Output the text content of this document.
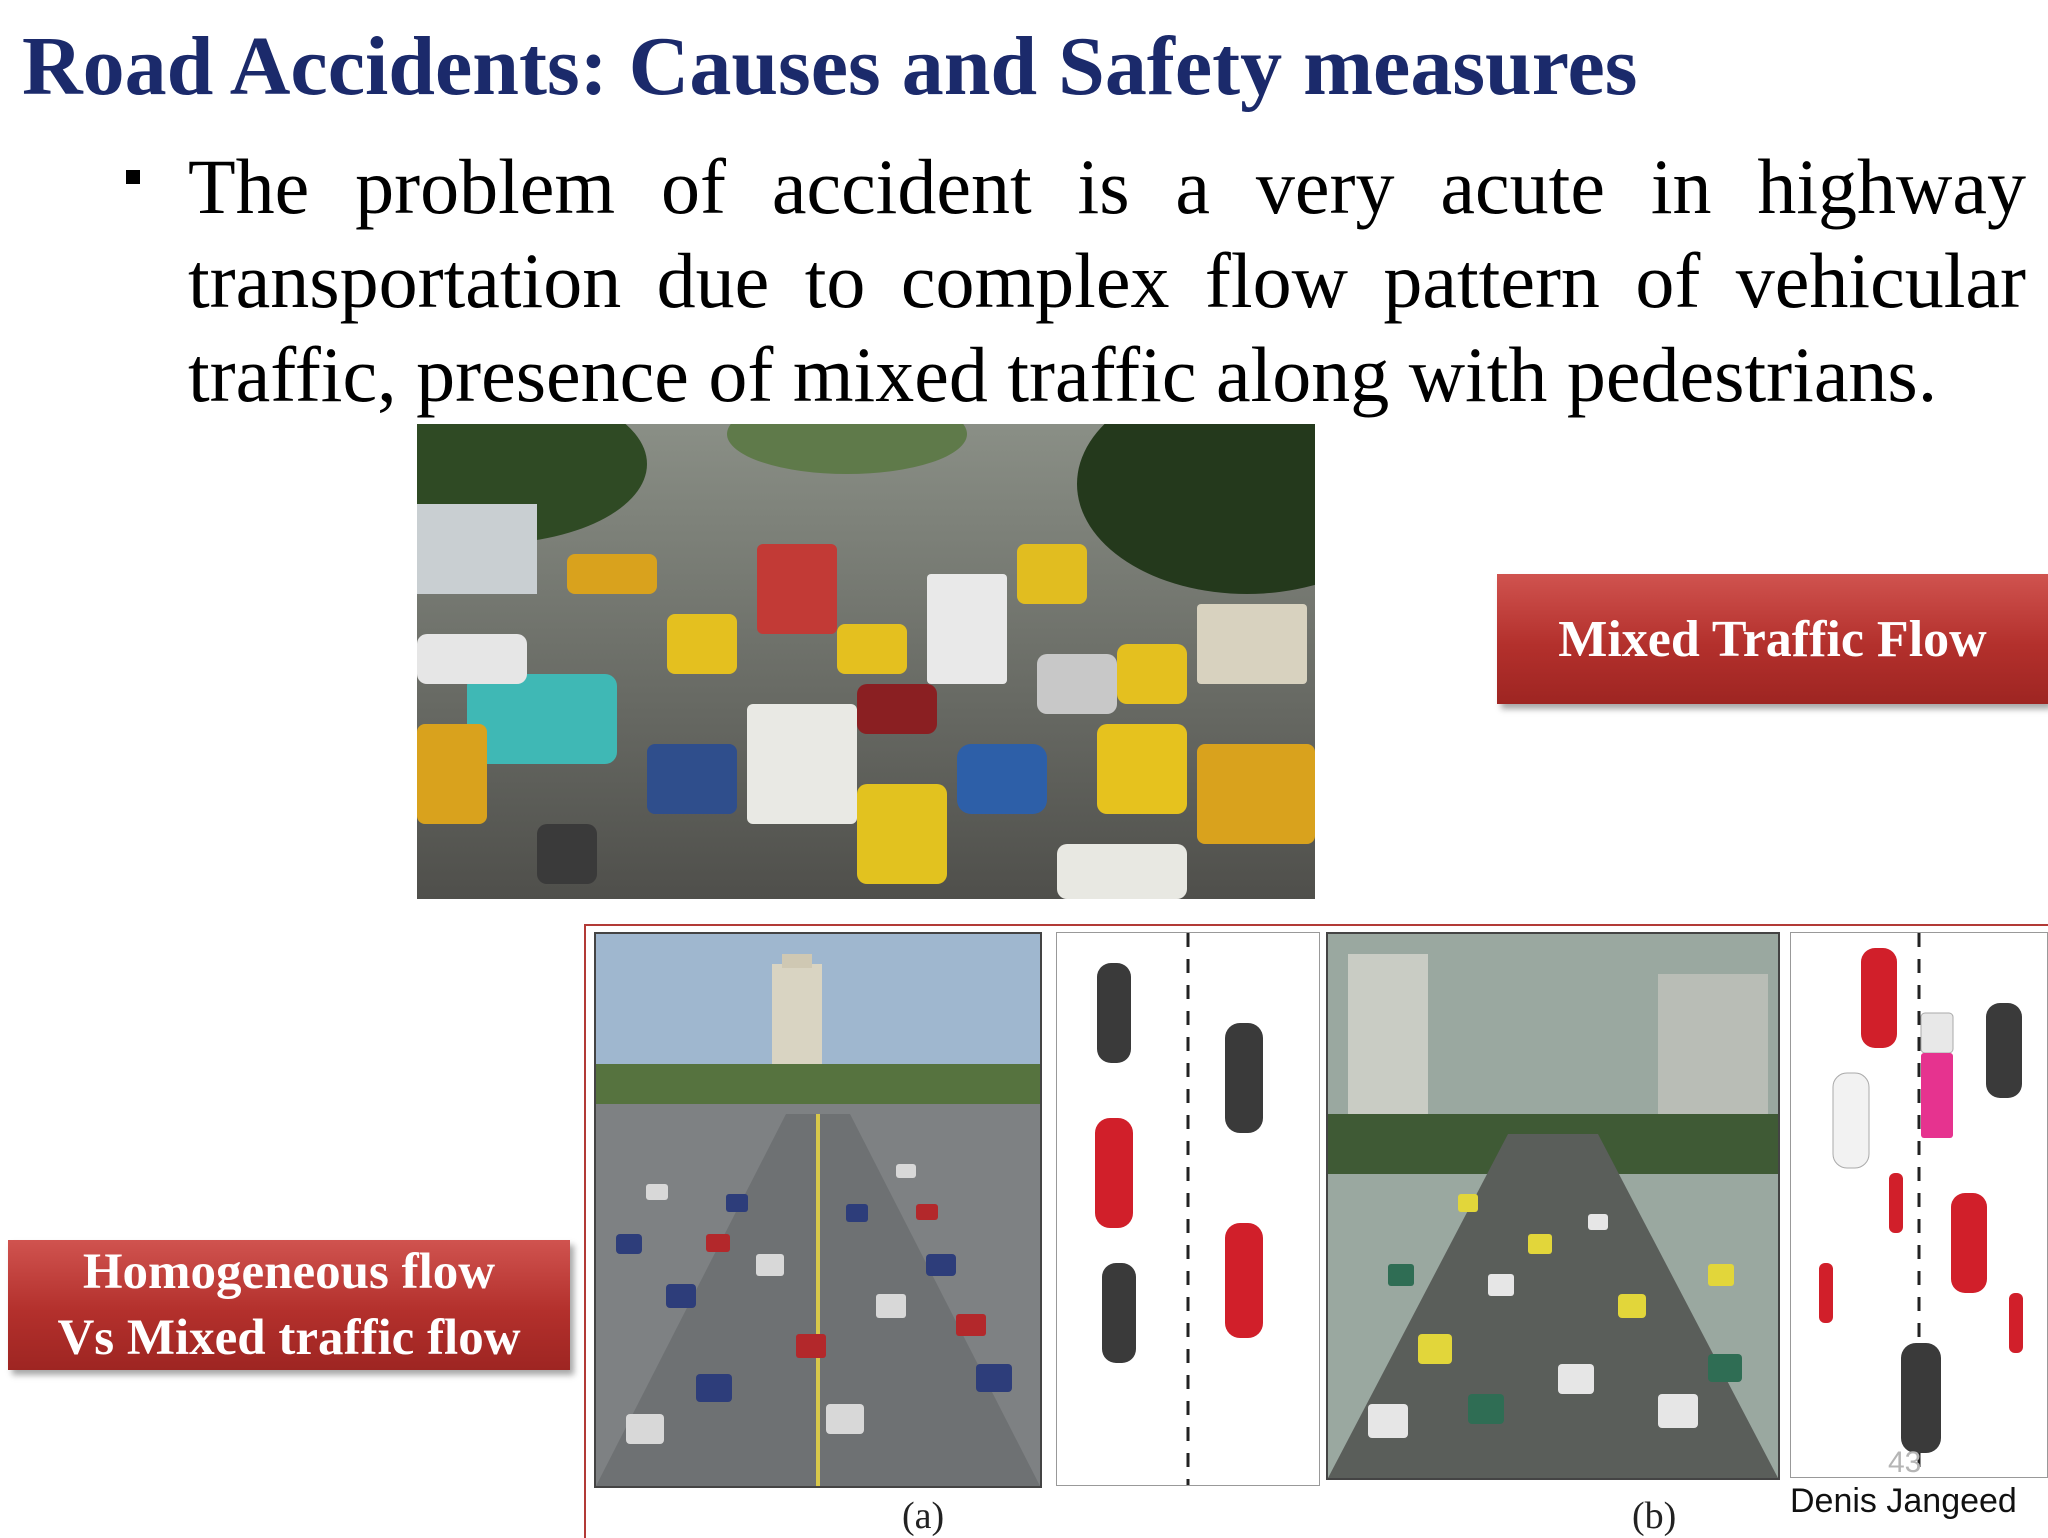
Road Accidents: Causes and Safety measures
The problem of accident is a very acute in highway transportation due to complex flow pattern of vehicular traffic, presence of mixed traffic along with pedestrians.
Mixed Traffic Flow
Homogeneous flow
Vs Mixed traffic flow
(a)	(b)
43
Denis Jangeed
